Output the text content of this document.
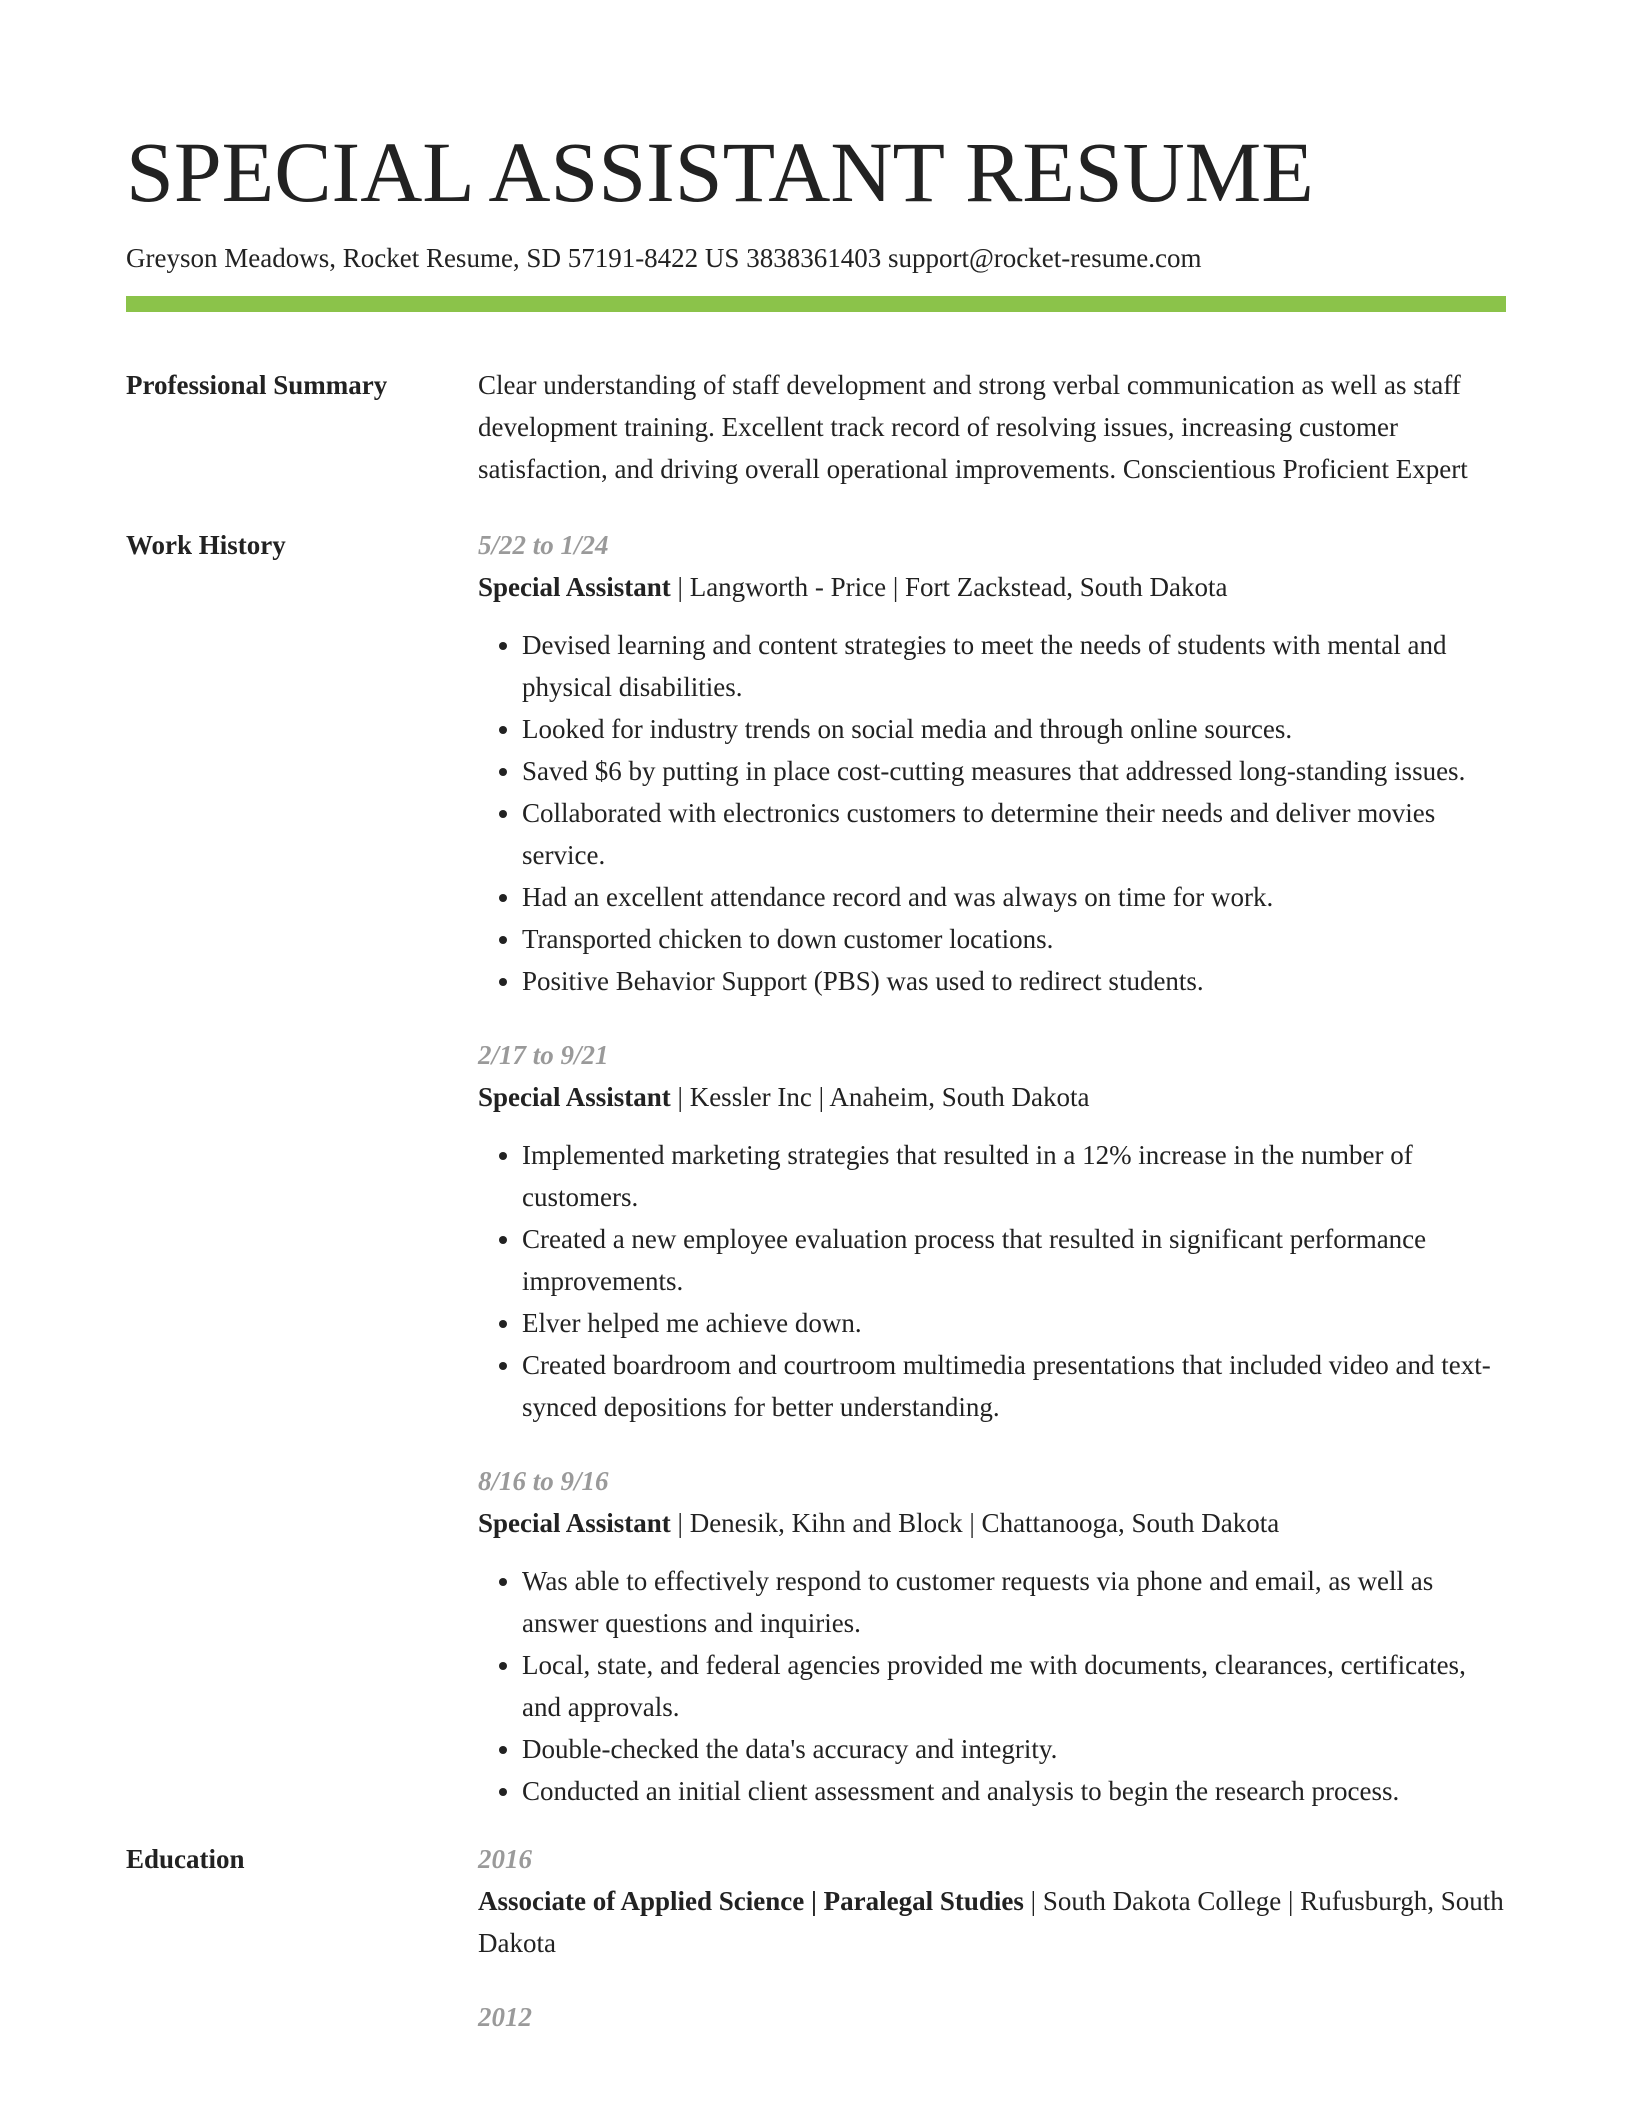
SPECIAL ASSISTANT RESUME
Greyson Meadows, Rocket Resume, SD 57191-8422 US 3838361403 support@rocket-resume.com
Professional Summary	Clear understanding of staff development and strong verbal communication as well as staff development training. Excellent track record of resolving issues, increasing customer satisfaction, and driving overall operational improvements. Conscientious Proficient Expert

Work History	5/22 to 1/24
Special Assistant | Langworth - Price | Fort Zackstead, South Dakota
• Devised learning and content strategies to meet the needs of students with mental and physical disabilities.
• Looked for industry trends on social media and through online sources.
• Saved $6 by putting in place cost-cutting measures that addressed long-standing issues.
• Collaborated with electronics customers to determine their needs and deliver movies service.
• Had an excellent attendance record and was always on time for work.
• Transported chicken to down customer locations.
• Positive Behavior Support (PBS) was used to redirect students.
2/17 to 9/21
Special Assistant | Kessler Inc | Anaheim, South Dakota
• Implemented marketing strategies that resulted in a 12% increase in the number of customers.
• Created a new employee evaluation process that resulted in significant performance improvements.
• Elver helped me achieve down.
• Created boardroom and courtroom multimedia presentations that included video and text-synced depositions for better understanding.
8/16 to 9/16
Special Assistant | Denesik, Kihn and Block | Chattanooga, South Dakota
• Was able to effectively respond to customer requests via phone and email, as well as answer questions and inquiries.
• Local, state, and federal agencies provided me with documents, clearances, certificates, and approvals.
• Double-checked the data's accuracy and integrity.
• Conducted an initial client assessment and analysis to begin the research process.
Education	2016
Associate of Applied Science | Paralegal Studies | South Dakota College | Rufusburgh, South Dakota
2012
